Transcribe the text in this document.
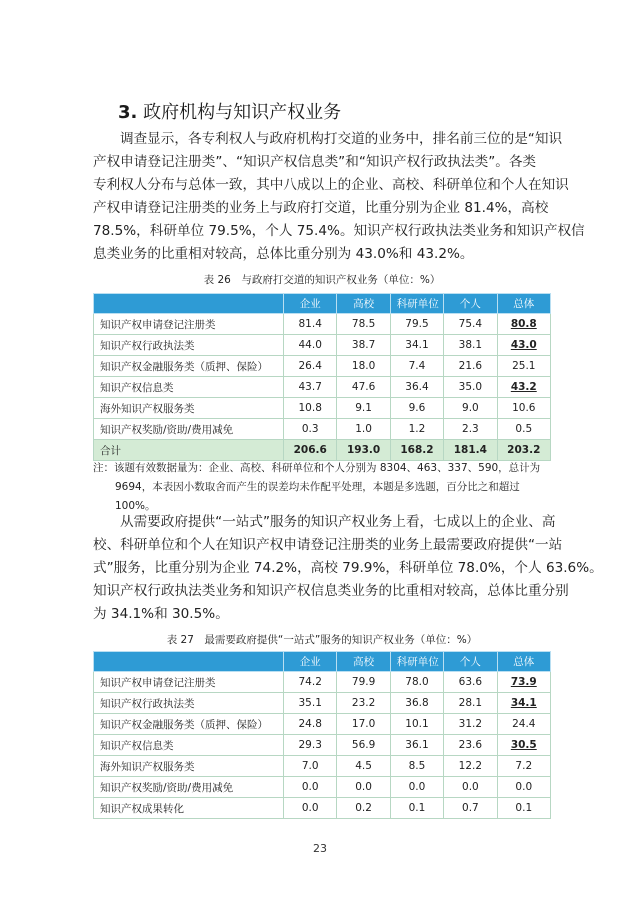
3. 政府机构与知识产权业务
调查显示，各专利权人与政府机构打交道的业务中，排名前三位的是“知识
产权申请登记注册类”、“知识产权信息类”和“知识产权行政执法类”。各类
专利权人分布与总体一致，其中八成以上的企业、高校、科研单位和个人在知识
产权申请登记注册类的业务上与政府打交道，比重分别为企业 81.4%，高校
78.5%，科研单位 79.5%，个人 75.4%。知识产权行政执法类业务和知识产权信
息类业务的比重相对较高，总体比重分别为 43.0%和 43.2%。
表 26　与政府打交道的知识产权业务（单位：%）
	企业	高校	科研单位	个人	总体
知识产权申请登记注册类	81.4	78.5	79.5	75.4	80.8
知识产权行政执法类	44.0	38.7	34.1	38.1	43.0
知识产权金融服务类（质押、保险）	26.4	18.0	7.4	21.6	25.1
知识产权信息类	43.7	47.6	36.4	35.0	43.2
海外知识产权服务类	10.8	9.1	9.6	9.0	10.6
知识产权奖励/资助/费用减免	0.3	1.0	1.2	2.3	0.5
合计	206.6	193.0	168.2	181.4	203.2
注：该题有效数据量为：企业、高校、科研单位和个人分别为 8304、463、337、590，总计为
9694，本表因小数取舍而产生的误差均未作配平处理，本题是多选题，百分比之和超过 100%。
从需要政府提供“一站式”服务的知识产权业务上看，七成以上的企业、高
校、科研单位和个人在知识产权申请登记注册类的业务上最需要政府提供“一站
式”服务，比重分别为企业 74.2%，高校 79.9%，科研单位 78.0%，个人 63.6%。
知识产权行政执法类业务和知识产权信息类业务的比重相对较高，总体比重分别
为 34.1%和 30.5%。
表 27　最需要政府提供“一站式”服务的知识产权业务（单位：%）
	企业	高校	科研单位	个人	总体
知识产权申请登记注册类	74.2	79.9	78.0	63.6	73.9
知识产权行政执法类	35.1	23.2	36.8	28.1	34.1
知识产权金融服务类（质押、保险）	24.8	17.0	10.1	31.2	24.4
知识产权信息类	29.3	56.9	36.1	23.6	30.5
海外知识产权服务类	7.0	4.5	8.5	12.2	7.2
知识产权奖励/资助/费用减免	0.0	0.0	0.0	0.0	0.0
知识产权成果转化	0.0	0.2	0.1	0.7	0.1
23
